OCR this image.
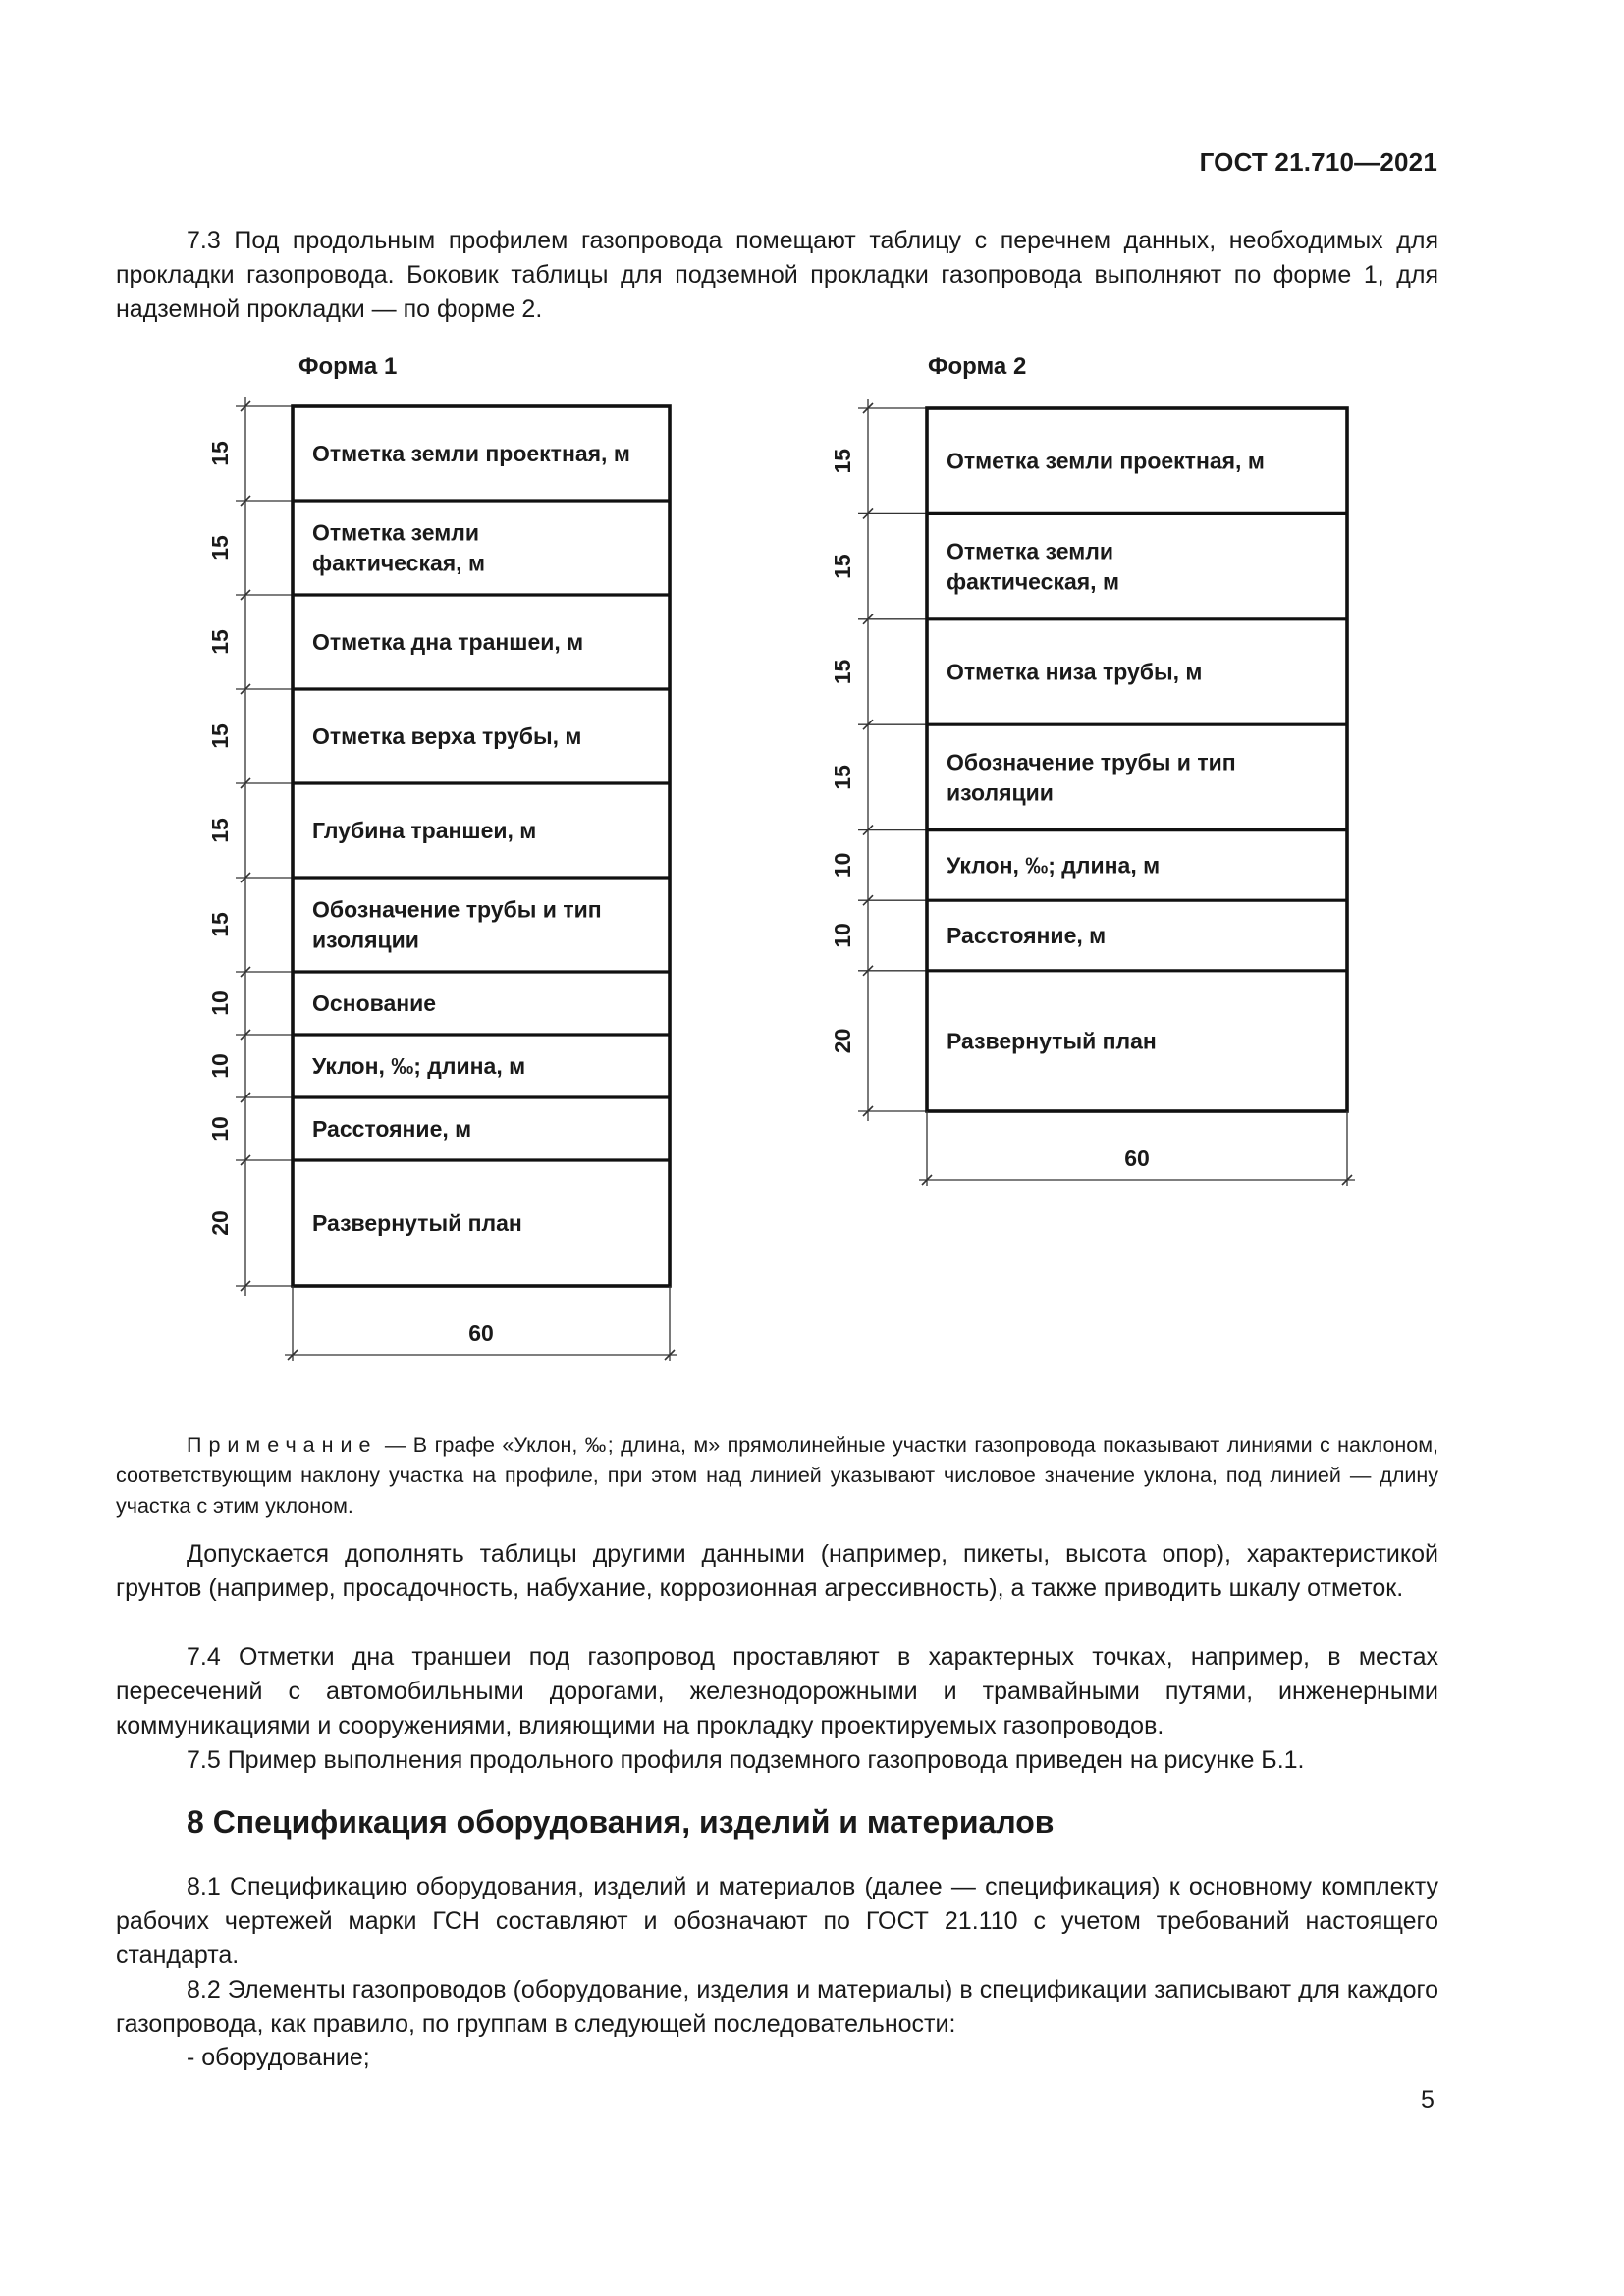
ГОСТ 21.710—2021

7.3 Под продольным профилем газопровода помещают таблицу с перечнем данных, необходимых для прокладки газопровода. Боковик таблицы для подземной прокладки газопровода выполняют по форме 1, для надземной прокладки — по форме 2.

Форма 1	Форма 2
Отметка земли проектная, м
15
Отметка земли
фактическая, м
15
Отметка дна траншеи, м
15
Отметка верха трубы, м
15
Глубина траншеи, м
15
Обозначение трубы и тип
изоляции
15
Основание
10
Уклон, ‰; длина, м
10
Расстояние, м
10
Развернутый план
20
60
Отметка земли проектная, м
15
Отметка земли
фактическая, м
15
Отметка низа трубы, м
15
Обозначение трубы и тип
изоляции
15
Уклон, ‰; длина, м
10
Расстояние, м
10
Развернутый план
20
60

Примечание — В графе «Уклон, ‰; длина, м» прямолинейные участки газопровода показывают линиями с наклоном, соответствующим наклону участка на профиле, при этом над линией указывают числовое значение уклона, под линией — длину участка с этим уклоном.

Допускается дополнять таблицы другими данными (например, пикеты, высота опор), характеристикой грунтов (например, просадочность, набухание, коррозионная агрессивность), а также приводить шкалу отметок.

7.4 Отметки дна траншеи под газопровод проставляют в характерных точках, например, в местах пересечений с автомобильными дорогами, железнодорожными и трамвайными путями, инженерными коммуникациями и сооружениями, влияющими на прокладку проектируемых газопроводов.

7.5 Пример выполнения продольного профиля подземного газопровода приведен на рисунке Б.1.

8 Спецификация оборудования, изделий и материалов

8.1 Спецификацию оборудования, изделий и материалов (далее — спецификация) к основному комплекту рабочих чертежей марки ГСН составляют и обозначают по ГОСТ 21.110 с учетом требований настоящего стандарта.

8.2 Элементы газопроводов (оборудование, изделия и материалы) в спецификации записывают для каждого газопровода, как правило, по группам в следующей последовательности:

- оборудование;
5
